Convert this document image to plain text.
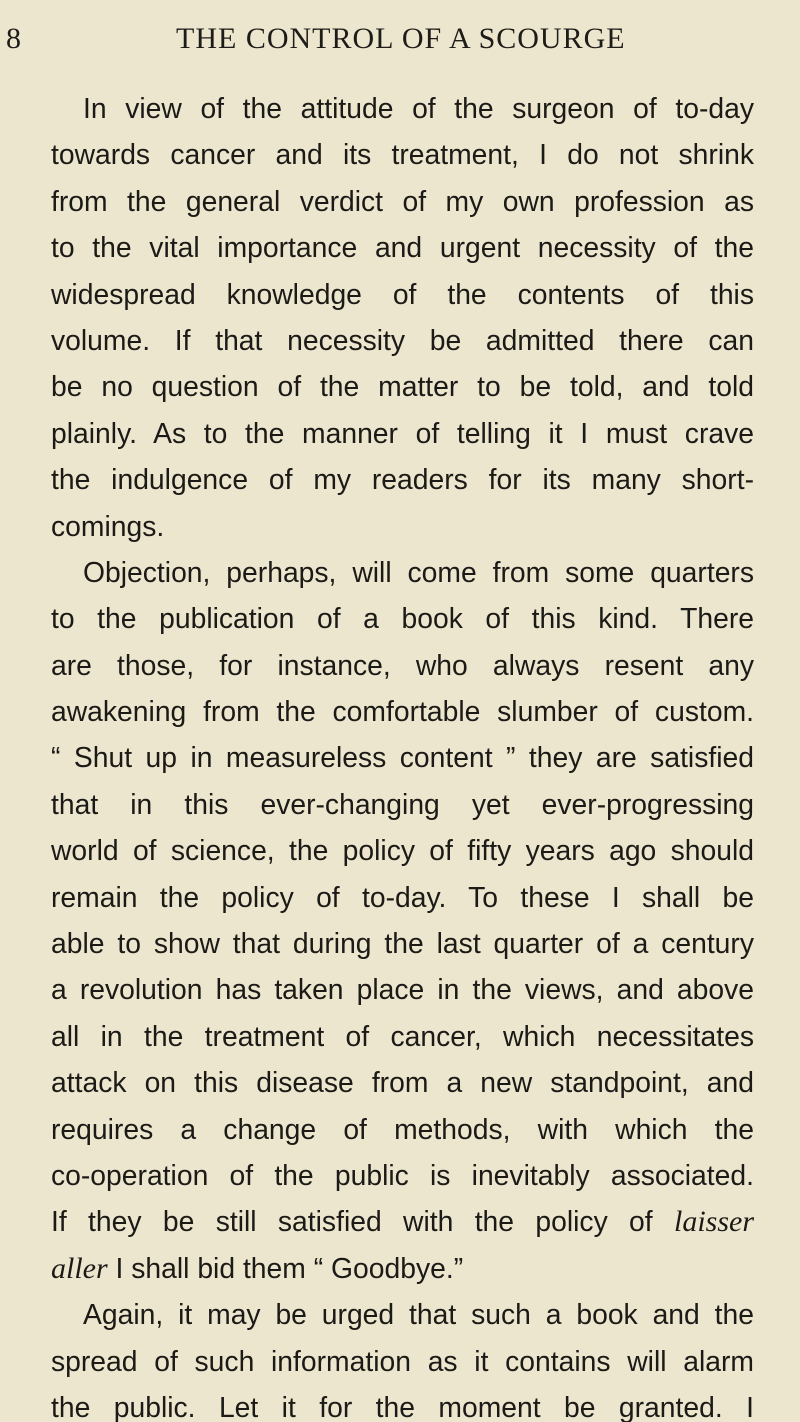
8	THE CONTROL OF A SCOURGE
In view of the attitude of the surgeon of to-day
towards cancer and its treatment, I do not shrink
from the general verdict of my own profession as
to the vital importance and urgent necessity of the
widespread knowledge of the contents of this
volume. If that necessity be admitted there can
be no question of the matter to be told, and told
plainly. As to the manner of telling it I must crave
the indulgence of my readers for its many short-
comings.
Objection, perhaps, will come from some quarters
to the publication of a book of this kind. There
are those, for instance, who always resent any
awakening from the comfortable slumber of custom.
“ Shut up in measureless content ” they are satisfied
that in this ever-changing yet ever-progressing
world of science, the policy of fifty years ago should
remain the policy of to-day. To these I shall be
able to show that during the last quarter of a century
a revolution has taken place in the views, and above
all in the treatment of cancer, which necessitates
attack on this disease from a new standpoint, and
requires a change of methods, with which the
co-operation of the public is inevitably associated.
If they be still satisfied with the policy of laisser
aller I shall bid them “ Goodbye.”
Again, it may be urged that such a book and the
spread of such information as it contains will alarm
the public. Let it for the moment be granted. I
